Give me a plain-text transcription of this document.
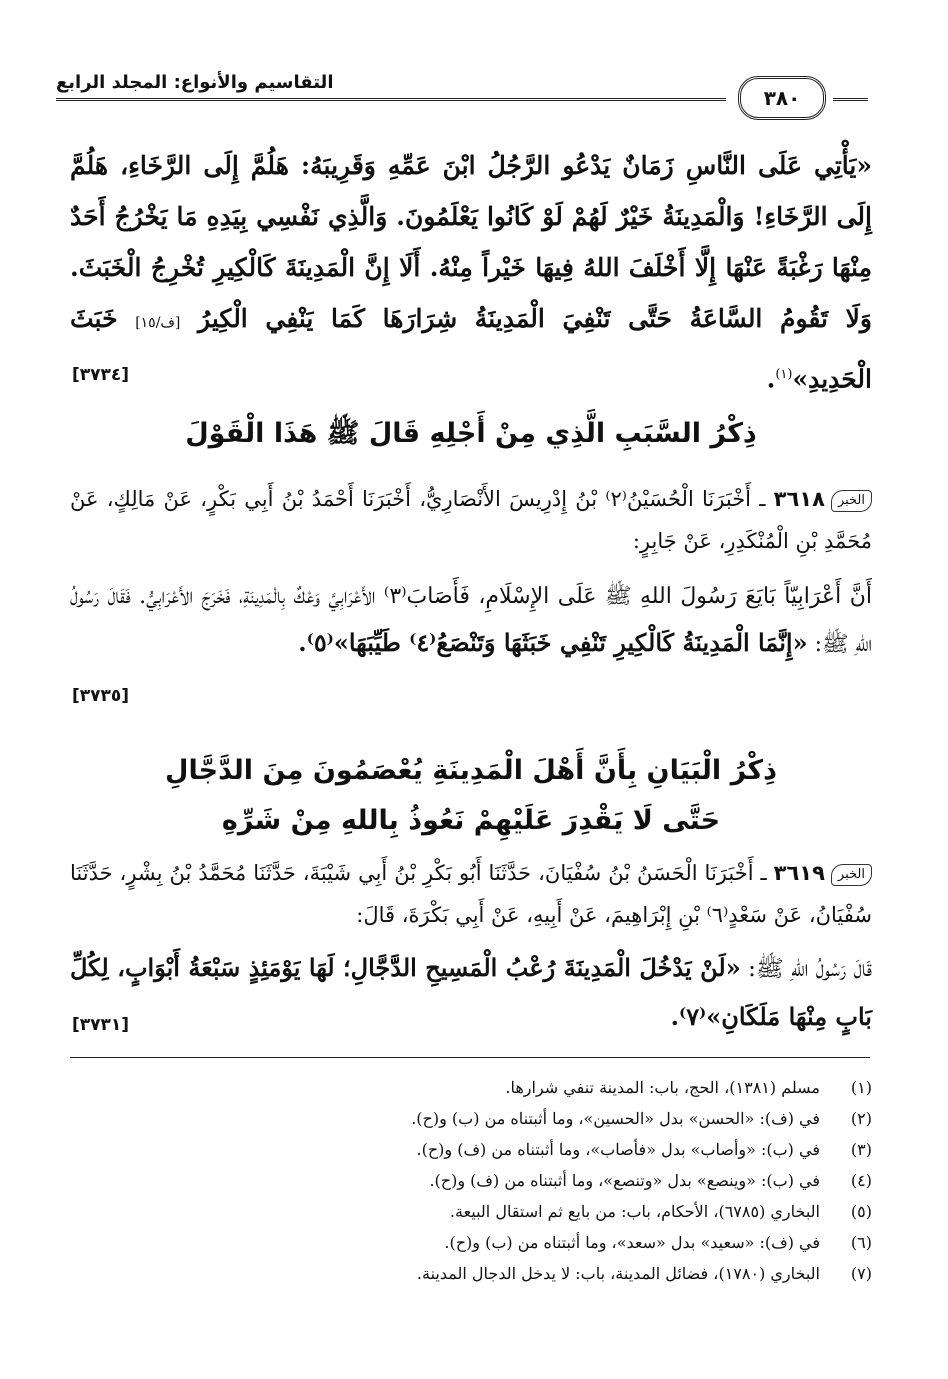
٣٨٠
التقاسيم والأنواع: المجلد الرابع
«يَأْتِي عَلَى النَّاسِ زَمَانٌ يَدْعُو الرَّجُلُ ابْنَ عَمِّهِ وَقَرِيبَهُ: هَلُمَّ إِلَى الرَّخَاءِ، هَلُمَّ إِلَى الرَّخَاءِ! وَالْمَدِينَةُ خَيْرٌ لَهُمْ لَوْ كَانُوا يَعْلَمُونَ. وَالَّذِي نَفْسِي بِيَدِهِ مَا يَخْرُجُ أَحَدٌ مِنْهَا رَغْبَةً عَنْهَا إِلَّا أَخْلَفَ اللهُ فِيهَا خَيْراً مِنْهُ. أَلَا إِنَّ الْمَدِينَةَ كَالْكِيرِ تُخْرِجُ الْخَبَثَ. وَلَا تَقُومُ السَّاعَةُ حَتَّى تَنْفِيَ الْمَدِينَةُ شِرَارَهَا كَمَا يَنْفِي الْكِيرُ [ف/١٥] خَبَثَ الْحَدِيدِ»$^{(١)}$.
[٣٧٣٤]
ذِكْرُ السَّبَبِ الَّذِي مِنْ أَجْلِهِ قَالَ ﷺ هَذَا الْقَوْلَ
الخبر٣٦١٨ ـ أَخْبَرَنَا الْحُسَيْنُ⁽٢⁾ بْنُ إِدْرِيسَ الأَنْصَارِيُّ، أَخْبَرَنَا أَحْمَدُ بْنُ أَبِي بَكْرٍ، عَنْ مَالِكٍ، عَنْ مُحَمَّدِ بْنِ الْمُنْكَدِرِ، عَنْ جَابِرٍ:
أَنَّ أَعْرَابِيّاً بَايَعَ رَسُولَ اللهِ ﷺ عَلَى الإِسْلَامِ، فَأَصَابَ⁽٣⁾ الأَعْرَابِيَّ وَعْكٌ بِالْمَدِينَةِ، فَخَرَجَ الأَعْرَابِيُّ. فَقَالَ رَسُولُ اللهِ ﷺ: «إِنَّمَا الْمَدِينَةُ كَالْكِيرِ تَنْفِي خَبَثَهَا وَتَنْصَعُ⁽٤⁾ طَيِّبَهَا»⁽٥⁾.
[٣٧٣٥]
ذِكْرُ الْبَيَانِ بِأَنَّ أَهْلَ الْمَدِينَةِ يُعْصَمُونَ مِنَ الدَّجَّالِ
حَتَّى لَا يَقْدِرَ عَلَيْهِمْ نَعُوذُ بِاللهِ مِنْ شَرِّهِ
الخبر٣٦١٩ ـ أَخْبَرَنَا الْحَسَنُ بْنُ سُفْيَانَ، حَدَّثَنَا أَبُو بَكْرِ بْنُ أَبِي شَيْبَةَ، حَدَّثَنَا مُحَمَّدُ بْنُ بِشْرٍ، حَدَّثَنَا سُفْيَانُ، عَنْ سَعْدٍ⁽٦⁾ بْنِ إِبْرَاهِيمَ، عَنْ أَبِيهِ، عَنْ أَبِي بَكْرَةَ، قَالَ:
قَالَ رَسُولُ اللهِ ﷺ: «لَنْ يَدْخُلَ الْمَدِينَةَ رُعْبُ الْمَسِيحِ الدَّجَّالِ؛ لَهَا يَوْمَئِذٍ سَبْعَةُ أَبْوَابٍ، لِكُلِّ بَابٍ مِنْهَا مَلَكَانِ»⁽٧⁾.
[٣٧٣١]
(١)
مسلم (١٣٨١)، الحج، باب: المدينة تنفي شرارها.
(٢)
في (ف): «الحسن» بدل «الحسين»، وما أثبتناه من (ب) و(ح).
(٣)
في (ب): «وأصاب» بدل «فأصاب»، وما أثبتناه من (ف) و(ح).
(٤)
في (ب): «وينصع» بدل «وتنصع»، وما أثبتناه من (ف) و(ح).
(٥)
البخاري (٦٧٨٥)، الأحكام، باب: من بايع ثم استقال البيعة.
(٦)
في (ف): «سعيد» بدل «سعد»، وما أثبتناه من (ب) و(ح).
(٧)
البخاري (١٧٨٠)، فضائل المدينة، باب: لا يدخل الدجال المدينة.
